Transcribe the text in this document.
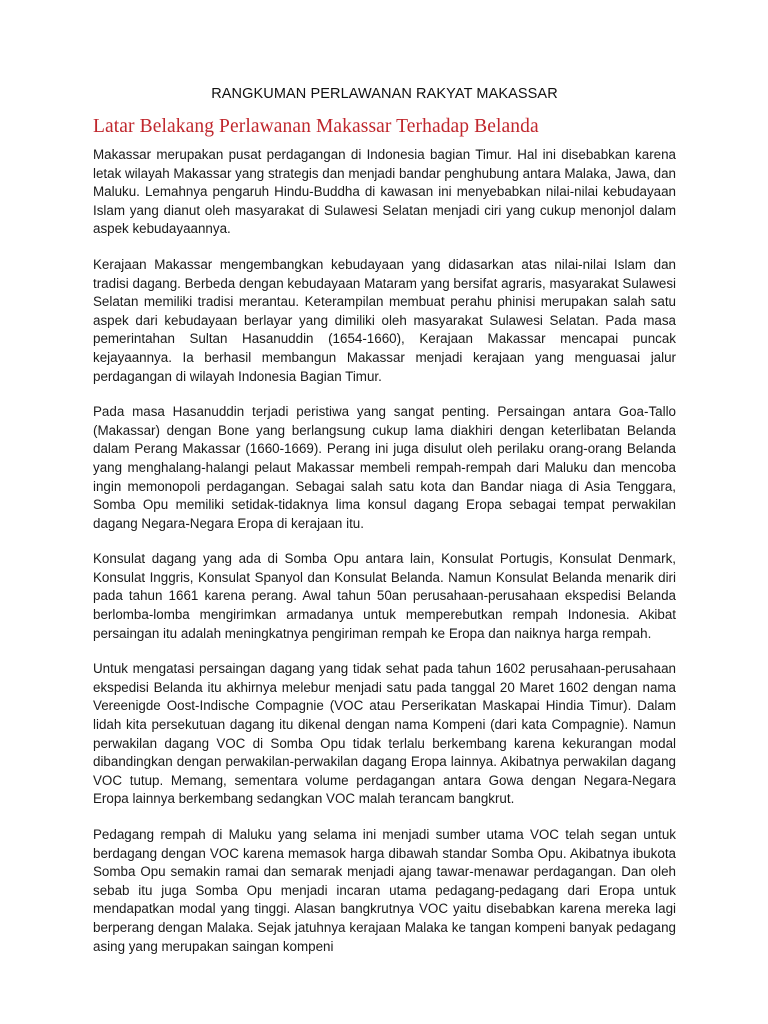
RANGKUMAN PERLAWANAN RAKYAT MAKASSAR
Latar Belakang Perlawanan Makassar Terhadap Belanda

Makassar merupakan pusat perdagangan di Indonesia bagian Timur. Hal ini disebabkan karena letak wilayah Makassar yang strategis dan menjadi bandar penghubung antara Malaka, Jawa, dan Maluku. Lemahnya pengaruh Hindu-Buddha di kawasan ini menyebabkan nilai-nilai kebudayaan Islam yang dianut oleh masyarakat di Sulawesi Selatan menjadi ciri yang cukup menonjol dalam aspek kebudayaannya.

Kerajaan Makassar mengembangkan kebudayaan yang didasarkan atas nilai-nilai Islam dan tradisi dagang. Berbeda dengan kebudayaan Mataram yang bersifat agraris, masyarakat Sulawesi Selatan memiliki tradisi merantau. Keterampilan membuat perahu phinisi merupakan salah satu aspek dari kebudayaan berlayar yang dimiliki oleh masyarakat Sulawesi Selatan. Pada masa pemerintahan Sultan Hasanuddin (1654-1660), Kerajaan Makassar mencapai puncak kejayaannya. Ia berhasil membangun Makassar menjadi kerajaan yang menguasai jalur perdagangan di wilayah Indonesia Bagian Timur.

Pada masa Hasanuddin terjadi peristiwa yang sangat penting. Persaingan antara Goa-Tallo (Makassar) dengan Bone yang berlangsung cukup lama diakhiri dengan keterlibatan Belanda dalam Perang Makassar (1660-1669). Perang ini juga disulut oleh perilaku orang-orang Belanda yang menghalang-halangi pelaut Makassar membeli rempah-rempah dari Maluku dan mencoba ingin memonopoli perdagangan. Sebagai salah satu kota dan Bandar niaga di Asia Tenggara, Somba Opu memiliki setidak-tidaknya lima konsul dagang Eropa sebagai tempat perwakilan dagang Negara-Negara Eropa di kerajaan itu.

Konsulat dagang yang ada di Somba Opu antara lain, Konsulat Portugis, Konsulat Denmark, Konsulat Inggris, Konsulat Spanyol dan Konsulat Belanda. Namun Konsulat Belanda menarik diri pada tahun 1661 karena perang. Awal tahun 50an perusahaan-perusahaan ekspedisi Belanda berlomba-lomba mengirimkan armadanya untuk memperebutkan rempah Indonesia. Akibat persaingan itu adalah meningkatnya pengiriman rempah ke Eropa dan naiknya harga rempah.

Untuk mengatasi persaingan dagang yang tidak sehat pada tahun 1602 perusahaan-perusahaan ekspedisi Belanda itu akhirnya melebur menjadi satu pada tanggal 20 Maret 1602 dengan nama Vereenigde Oost-Indische Compagnie (VOC atau Perserikatan Maskapai Hindia Timur). Dalam lidah kita persekutuan dagang itu dikenal dengan nama Kompeni (dari kata Compagnie). Namun perwakilan dagang VOC di Somba Opu tidak terlalu berkembang karena kekurangan modal dibandingkan dengan perwakilan-perwakilan dagang Eropa lainnya. Akibatnya perwakilan dagang VOC tutup. Memang, sementara volume perdagangan antara Gowa dengan Negara-Negara Eropa lainnya berkembang sedangkan VOC malah terancam bangkrut.

Pedagang rempah di Maluku yang selama ini menjadi sumber utama VOC telah segan untuk berdagang dengan VOC karena memasok harga dibawah standar Somba Opu. Akibatnya ibukota Somba Opu semakin ramai dan semarak menjadi ajang tawar-menawar perdagangan. Dan oleh sebab itu juga Somba Opu menjadi incaran utama pedagang-pedagang dari Eropa untuk mendapatkan modal yang tinggi. Alasan bangkrutnya VOC yaitu disebabkan karena mereka lagi berperang dengan Malaka. Sejak jatuhnya kerajaan Malaka ke tangan kompeni banyak pedagang asing yang merupakan saingan kompeni
